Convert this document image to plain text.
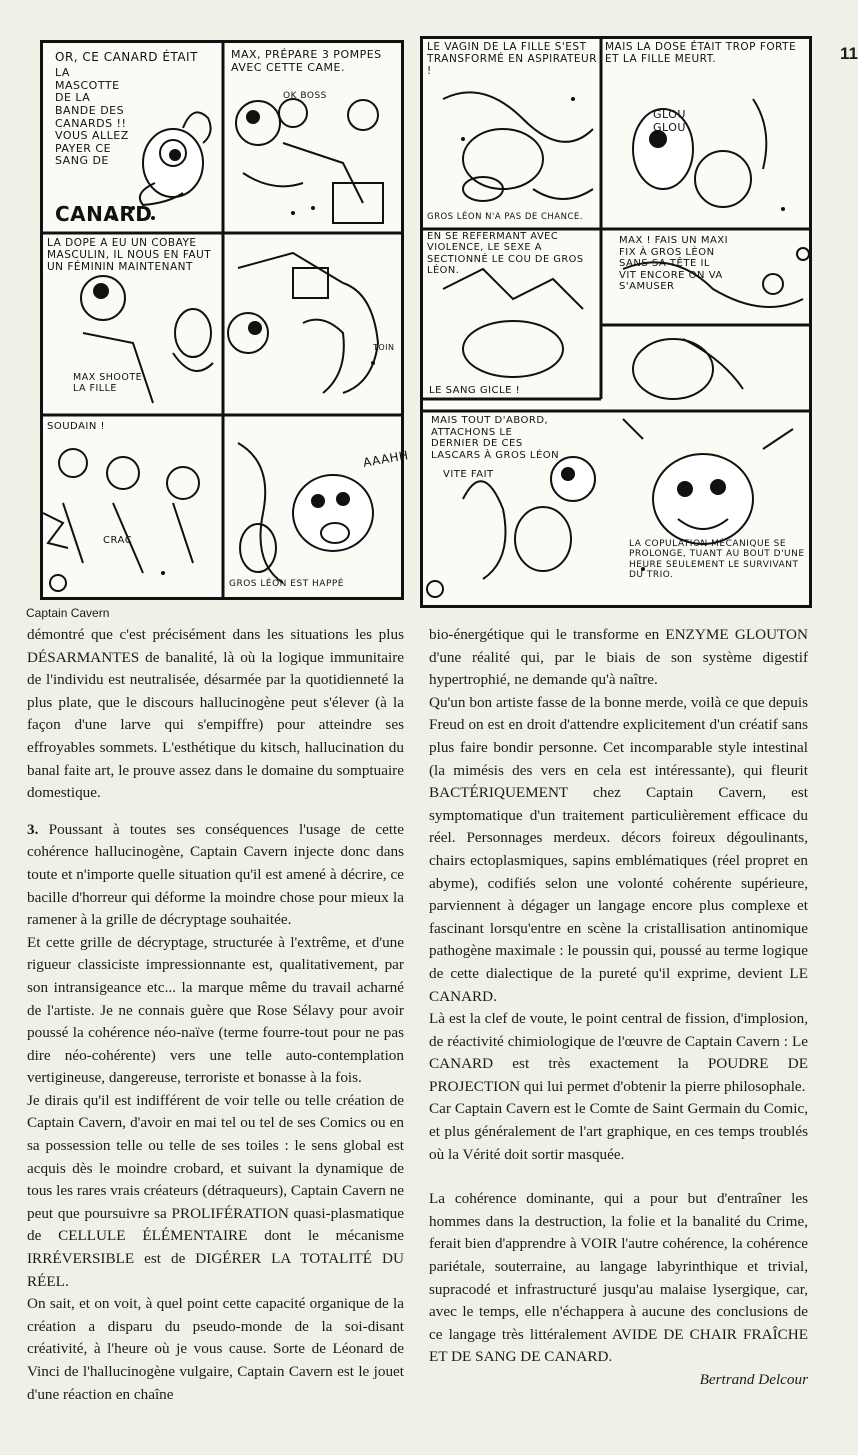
11
OR, CE CANARD ÉTAIT
LA MASCOTTE DE LA BANDE DES CANARDS !! VOUS ALLEZ PAYER CE SANG DE
CANARD
MAX, PRÉPARE 3 POMPES AVEC CETTE CAME.
OK BOSS
LA DOPE A EU UN COBAYE MASCULIN, IL NOUS EN FAUT UN FÉMININ MAINTENANT
MAX SHOOTE LA FILLE
TOIN
SOUDAIN !
CRAC
AAAHH
GROS LÉON EST HAPPÉ
LE VAGIN DE LA FILLE S'EST TRANSFORMÉ EN ASPIRATEUR !
MAIS LA DOSE ÉTAIT TROP FORTE ET LA FILLE MEURT.
GLOU GLOU
GROS LÉON N'A PAS DE CHANCE.
EN SE REFERMANT AVEC VIOLENCE, LE SEXE A SECTIONNÉ LE COU DE GROS LÉON.
MAX ! FAIS UN MAXI FIX À GROS LÉON SANS SA TÊTE IL VIT ENCORE ON VA S'AMUSER
LE SANG GICLE !
MAIS TOUT D'ABORD, ATTACHONS LE DERNIER DE CES LASCARS À GROS LÉON
VITE FAIT
LA COPULATION MÉCANIQUE SE PROLONGE, TUANT AU BOUT D'UNE HEURE SEULEMENT LE SURVIVANT DU TRIO.
Captain Cavern

démontré que c'est précisément dans les situations les plus DÉSARMANTES de banalité, là où la logique immunitaire de l'individu est neutralisée, désarmée par la quotidienneté la plus plate, que le discours hallucinogène peut s'élever (à la façon d'une larve qui s'empiffre) pour atteindre ses effroyables sommets. L'esthétique du kitsch, hallucination du banal faite art, le prouve assez dans le domaine du somptuaire domestique.

3. Poussant à toutes ses conséquences l'usage de cette cohérence hallucinogène, Captain Cavern injecte donc dans toute et n'importe quelle situation qu'il est amené à décrire, ce bacille d'horreur qui déforme la moindre chose pour mieux la ramener à la grille de décryptage souhaitée.

Et cette grille de décryptage, structurée à l'extrême, et d'une rigueur classiciste impressionnante est, qualitativement, par son intransigeance etc... la marque même du travail acharné de l'artiste. Je ne connais guère que Rose Sélavy pour avoir poussé la cohérence néo-naïve (terme fourre-tout pour ne pas dire néo-cohérente) vers une telle auto-contemplation vertigineuse, dangereuse, terroriste et bonasse à la fois.

Je dirais qu'il est indifférent de voir telle ou telle création de Captain Cavern, d'avoir en mai tel ou tel de ses Comics ou en sa possession telle ou telle de ses toiles : le sens global est acquis dès le moindre crobard, et suivant la dynamique de tous les rares vrais créateurs (détraqueurs), Captain Cavern ne peut que poursuivre sa PROLIFÉRATION quasi-plasmatique de CELLULE ÉLÉMENTAIRE dont le mécanisme IRRÉVERSIBLE est de DIGÉRER LA TOTALITÉ DU RÉEL.

On sait, et on voit, à quel point cette capacité organique de la création a disparu du pseudo-monde de la soi-disant créativité, à l'heure où je vous cause. Sorte de Léonard de Vinci de l'hallucinogène vulgaire, Captain Cavern est le jouet d'une réaction en chaîne

bio-énergétique qui le transforme en ENZYME GLOUTON d'une réalité qui, par le biais de son système digestif hypertrophié, ne demande qu'à naître.

Qu'un bon artiste fasse de la bonne merde, voilà ce que depuis Freud on est en droit d'attendre explicitement d'un créatif sans plus faire bondir personne. Cet incomparable style intestinal (la mimésis des vers en cela est intéressante), qui fleurit BACTÉRIQUEMENT chez Captain Cavern, est symptomatique d'un traitement particulièrement efficace du réel. Personnages merdeux. décors foireux dégoulinants, chairs ectoplasmiques, sapins emblématiques (réel propret en abyme), codifiés selon une volonté cohérente supérieure, parviennent à dégager un langage encore plus complexe et fascinant lorsqu'entre en scène la cristallisation antinomique pathogène maximale : le poussin qui, poussé au terme logique de cette dialectique de la pureté qu'il exprime, devient LE CANARD.

Là est la clef de voute, le point central de fission, d'implosion, de réactivité chimiologique de l'œuvre de Captain Cavern : Le CANARD est très exactement la POUDRE DE PROJECTION qui lui permet d'obtenir la pierre philosophale.

Car Captain Cavern est le Comte de Saint Germain du Comic, et plus généralement de l'art graphique, en ces temps troublés où la Vérité doit sortir masquée.

La cohérence dominante, qui a pour but d'entraîner les hommes dans la destruction, la folie et la banalité du Crime, ferait bien d'apprendre à VOIR l'autre cohérence, la cohérence pariétale, souterraine, au langage labyrinthique et trivial, supracodé et infrastructuré jusqu'au malaise lysergique, car, avec le temps, elle n'échappera à aucune des conclusions de ce langage très littéralement AVIDE DE CHAIR FRAÎCHE ET DE SANG DE CANARD.

Bertrand Delcour
